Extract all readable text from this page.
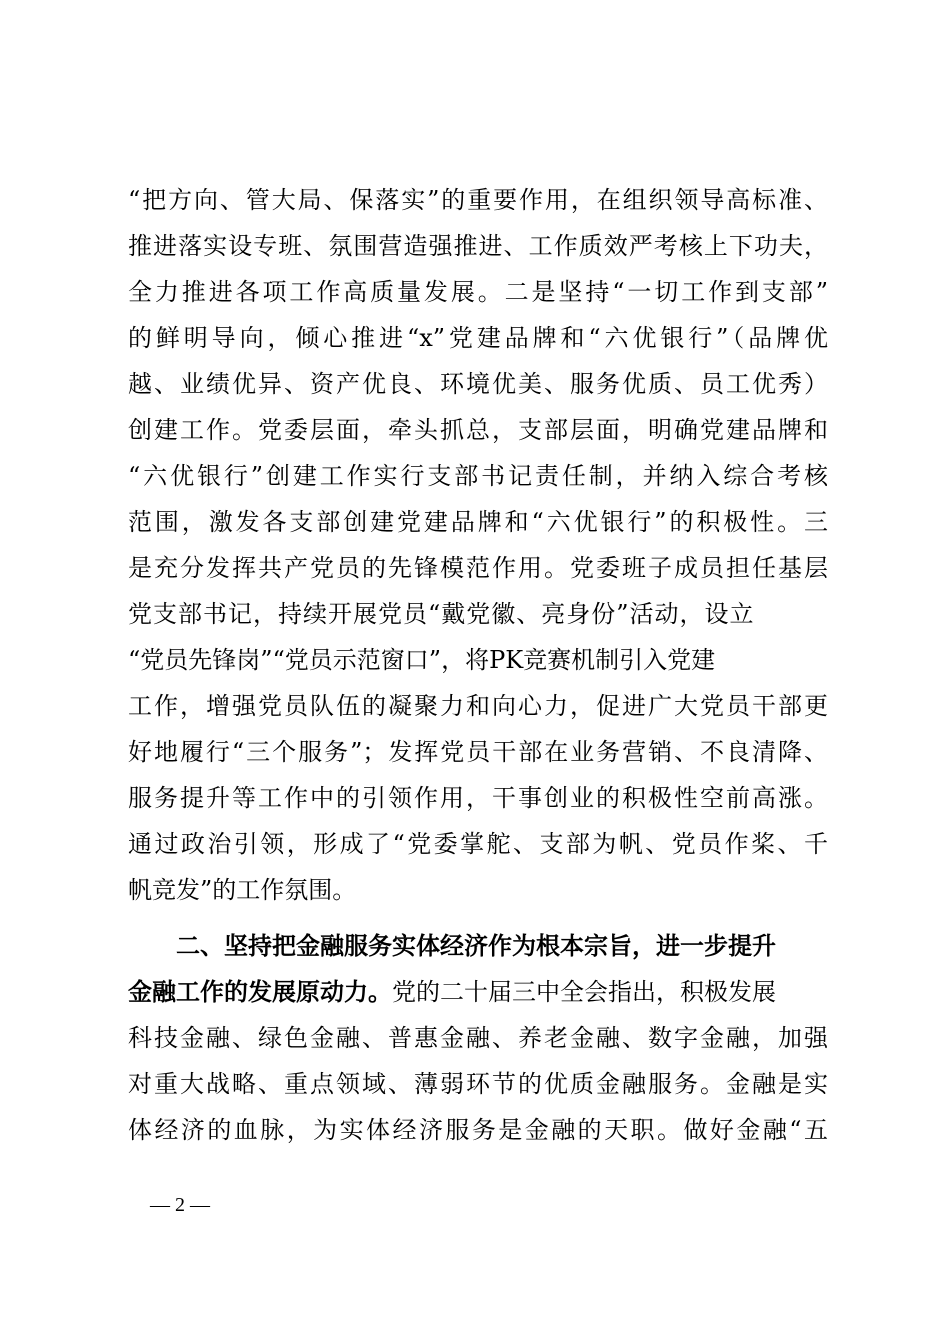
“把方向、管大局、保落实”的重要作用，在组织领导高标准、
推进落实设专班、氛围营造强推进、工作质效严考核上下功夫，
全力推进各项工作高质量发展。二是坚持“一切工作到支部”
的鲜明导向，倾心推进“x”党建品牌和“六优银行”（品牌优
越、业绩优异、资产优良、环境优美、服务优质、员工优秀）
创建工作。党委层面，牵头抓总，支部层面，明确党建品牌和
“六优银行”创建工作实行支部书记责任制，并纳入综合考核
范围，激发各支部创建党建品牌和“六优银行”的积极性。三
是充分发挥共产党员的先锋模范作用。党委班子成员担任基层
党支部书记，持续开展党员“戴党徽、亮身份”活动，设立
“党员先锋岗”“党员示范窗口”，将PK竞赛机制引入党建
工作，增强党员队伍的凝聚力和向心力，促进广大党员干部更
好地履行“三个服务”；发挥党员干部在业务营销、不良清降、
服务提升等工作中的引领作用，干事创业的积极性空前高涨。
通过政治引领，形成了“党委掌舵、支部为帆、党员作桨、千
帆竞发”的工作氛围。
二、坚持把金融服务实体经济作为根本宗旨，进一步提升
金融工作的发展原动力。党的二十届三中全会指出，积极发展
科技金融、绿色金融、普惠金融、养老金融、数字金融，加强
对重大战略、重点领域、薄弱环节的优质金融服务。金融是实
体经济的血脉，为实体经济服务是金融的天职。做好金融“五
— 2 —
